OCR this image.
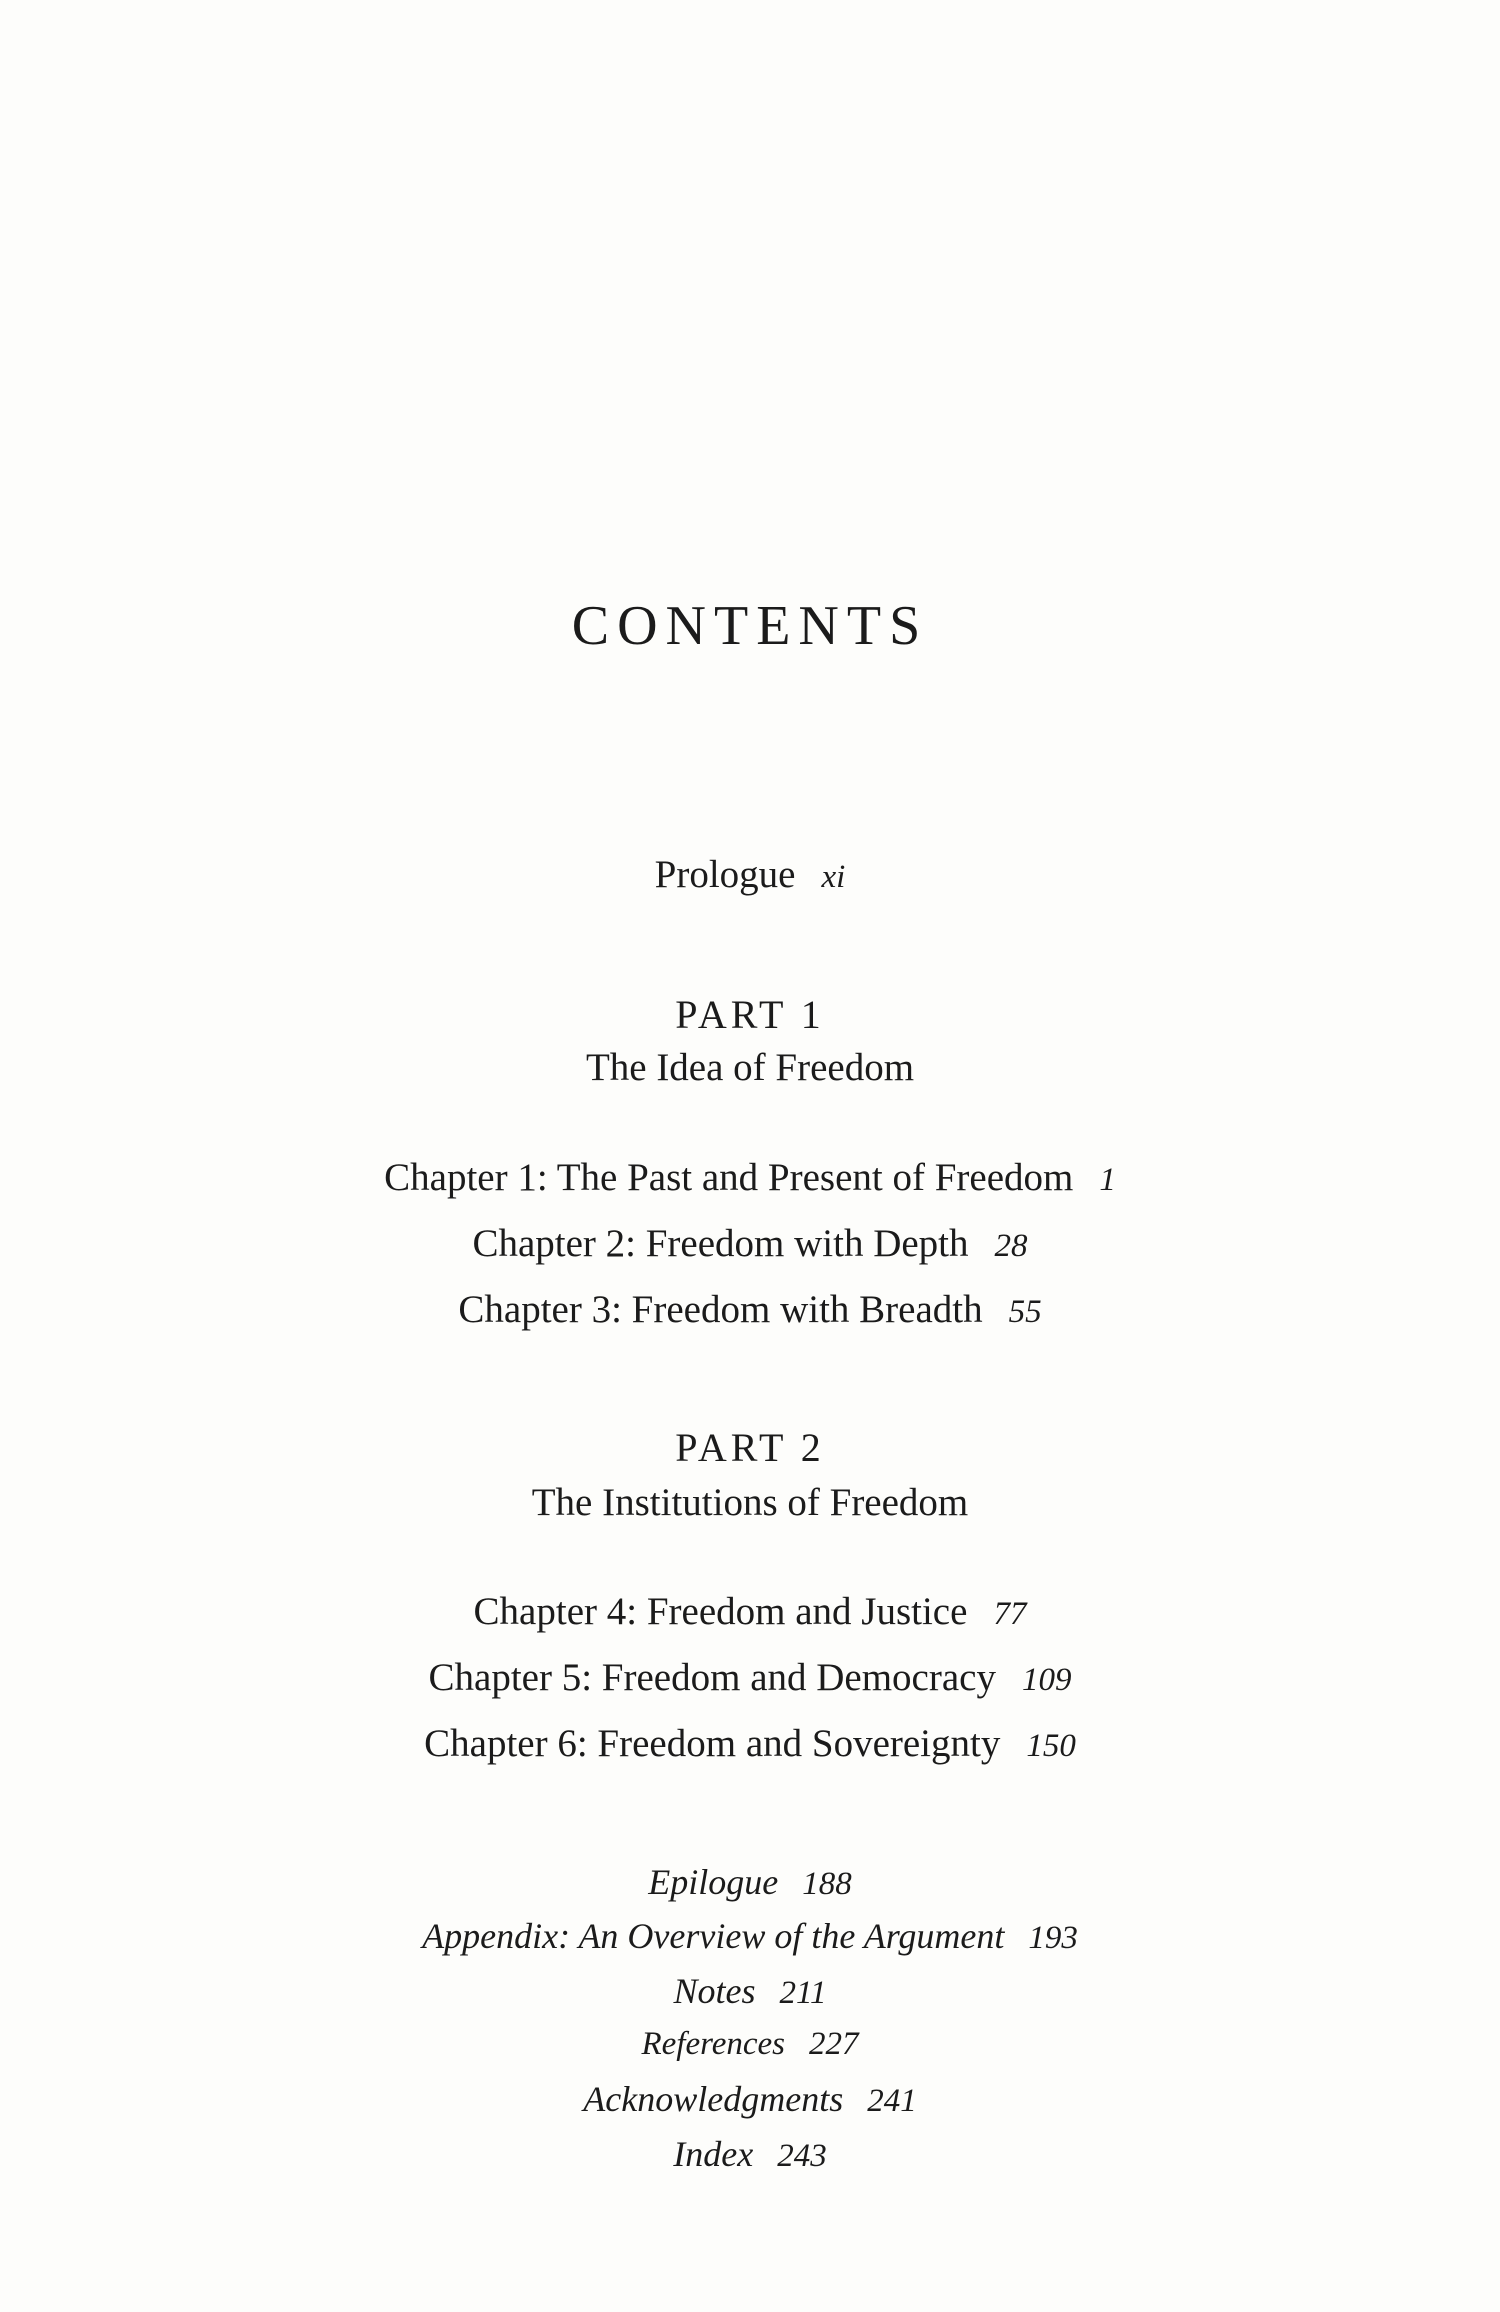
CONTENTS
Prologue xi
PART 1
The Idea of Freedom
Chapter 1: The Past and Present of Freedom 1
Chapter 2: Freedom with Depth 28
Chapter 3: Freedom with Breadth 55
PART 2
The Institutions of Freedom
Chapter 4: Freedom and Justice 77
Chapter 5: Freedom and Democracy 109
Chapter 6: Freedom and Sovereignty 150
Epilogue 188
Appendix: An Overview of the Argument 193
Notes 211
References 227
Acknowledgments 241
Index 243
